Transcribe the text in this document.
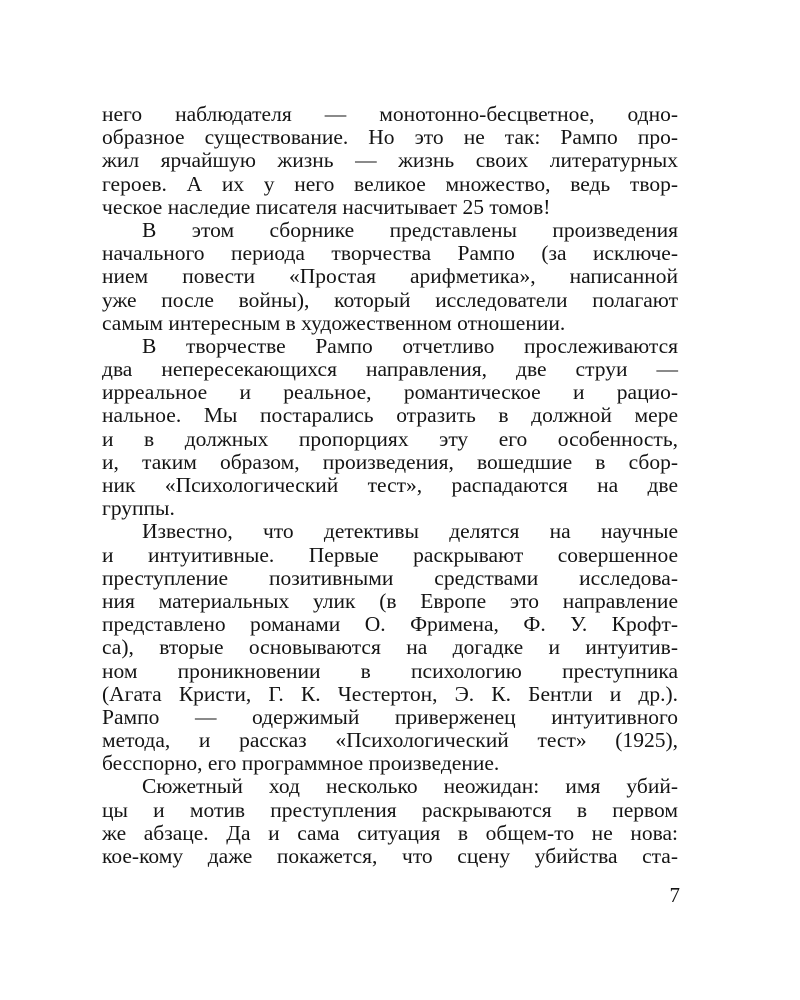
него наблюдателя — монотонно-бесцветное, одно-
образное существование. Но это не так: Рампо про-
жил ярчайшую жизнь — жизнь своих литературных
героев. А их у него великое множество, ведь твор-
ческое наследие писателя насчитывает 25 томов!
В этом сборнике представлены произведения
начального периода творчества Рампо (за исключе-
нием повести «Простая арифметика», написанной
уже после войны), который исследователи полагают
самым интересным в художественном отношении.
В творчестве Рампо отчетливо прослеживаются
два непересекающихся направления, две струи —
ирреальное и реальное, романтическое и рацио-
нальное. Мы постарались отразить в должной мере
и в должных пропорциях эту его особенность,
и, таким образом, произведения, вошедшие в сбор-
ник «Психологический тест», распадаются на две
группы.
Известно, что детективы делятся на научные
и интуитивные. Первые раскрывают совершенное
преступление позитивными средствами исследова-
ния материальных улик (в Европе это направление
представлено романами О. Фримена, Ф. У. Крофт-
са), вторые основываются на догадке и интуитив-
ном проникновении в психологию преступника
(Агата Кристи, Г. К. Честертон, Э. К. Бентли и др.).
Рампо — одержимый приверженец интуитивного
метода, и рассказ «Психологический тест» (1925),
бесспорно, его программное произведение.
Сюжетный ход несколько неожидан: имя убий-
цы и мотив преступления раскрываются в первом
же абзаце. Да и сама ситуация в общем-то не нова:
кое-кому даже покажется, что сцену убийства ста-
7
